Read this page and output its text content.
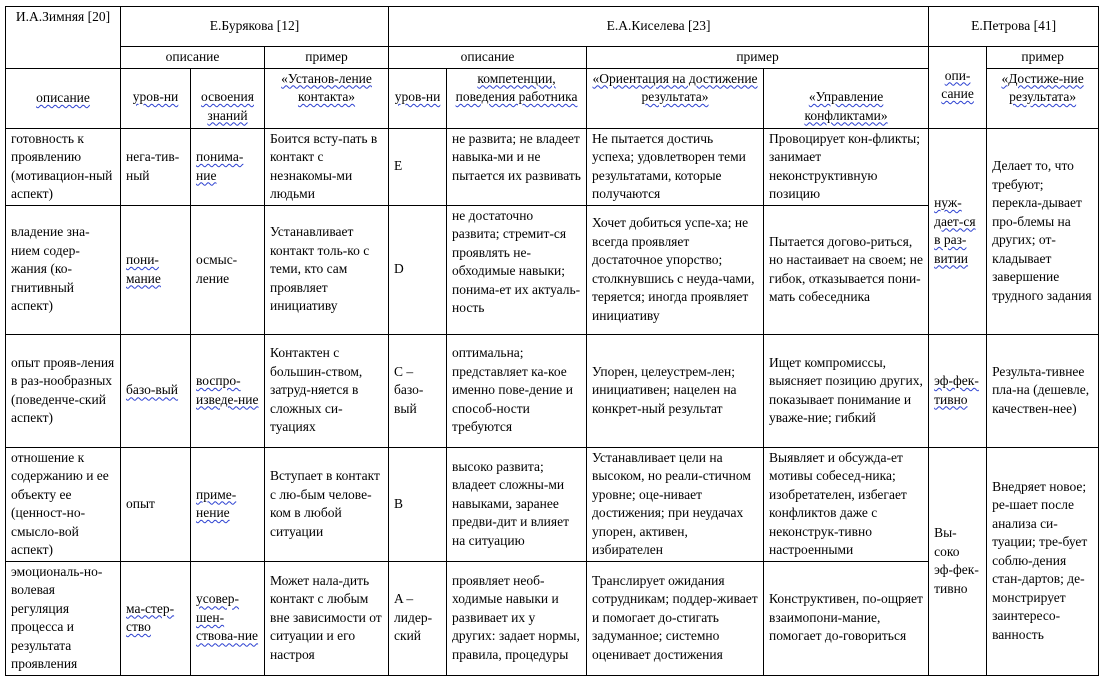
И.А.Зимняя [20]	Е.Бурякова [12]			Е.А.Киселева [23]				Е.Петрова [41]	
	описание		пример	описание		пример		опи-сание	пример
описание	уров-ни	освоения знаний	«Установ-ление контакта»	уров-ни	компетенции, поведения работника	«Ориентация на достижение результата»	«Управление конфликтами»		«Достиже-ние результата»
готовность к проявлению (мотивацион-ный аспект)	нега-тив-ный	понима-ние	Боится всту-пать в контакт с незнакомы-ми людьми	E	не развита; не владеет навыка-ми и не пытается их развивать	Не пытается достичь успеха; удовлетворен теми результатами, которые получаются	Провоцирует кон-фликты; занимает неконструктивную позицию	нуж-дает-ся в раз-витии	Делает то, что требуют; перекла-дывает про-блемы на других; от-кладывает завершение трудного задания
владение зна-нием содер-жания (ко-гнитивный аспект)	пони-мание	осмыс-ление	Устанавливает контакт толь-ко с теми, кто сам проявляет инициативу	D	не достаточно развита; стремит-ся проявлять не-обходимые навыки; понима-ет их актуаль-ность	Хочет добиться успе-ха; не всегда проявляет достаточное упорство; столкнувшись с неуда-чами, теряется; иногда проявляет инициативу	Пытается догово-риться, но настаивает на своем; не гибок, отказывается пони-мать собеседника		
опыт прояв-ления в раз-нообразных (поведенче-ский аспект)	базо-вый	воспро-изведе-ние	Контактен с большин-ством, затруд-няется в сложных си-туациях	C – базо-вый	оптимальна; представляет ка-кое именно пове-дение и способ-ности требуются	Упорен, целеустрем-лен; инициативен; нацелен на конкрет-ный результат	Ищет компромиссы, выясняет позицию других, показывает понимание и уваже-ние; гибкий	эф-фек-тивно	Результа-тивнее пла-на (дешевле, качествен-нее)
отношение к содержанию и ее объекту ее (ценност-но-смыслo-вой аспект)	опыт	приме-нение	Вступает в контакт с лю-бым челове-ком в любой ситуации	B	высоко развита; владеет сложны-ми навыками, заранее предви-дит и влияет на ситуацию	Устанавливает цели на высоком, но реали-стичном уровне; оце-нивает достижения; при неудачах упорен, активен, избирателен	Выявляет и обсужда-ет мотивы собесед-ника; изобретателен, избегает конфликтов даже с неконструк-тивно настроенными	Вы-соко эф-фек-тивно	Внедряет новое; ре-шает после анализа си-туации; тре-бует соблю-дения стан-дартов; де-монстрирует заинтересо-ванность
эмоциональ-но-волевая регуляция процесса и результата проявления	ма-стер-ство	усовер-шен-ствова-ние	Может нала-дить контакт с любым вне зависимости от ситуации и его настроя	A – лидер-ский	проявляет необ-ходимые навыки и развивает их у других: задает нормы, правила, процедуры	Транслирует ожидания сотрудникам; поддер-живает и помогает до-стигать задуманное; системно оценивает достижения	Конструктивен, по-ощряет взаимопони-мание, помогает до-говориться		
